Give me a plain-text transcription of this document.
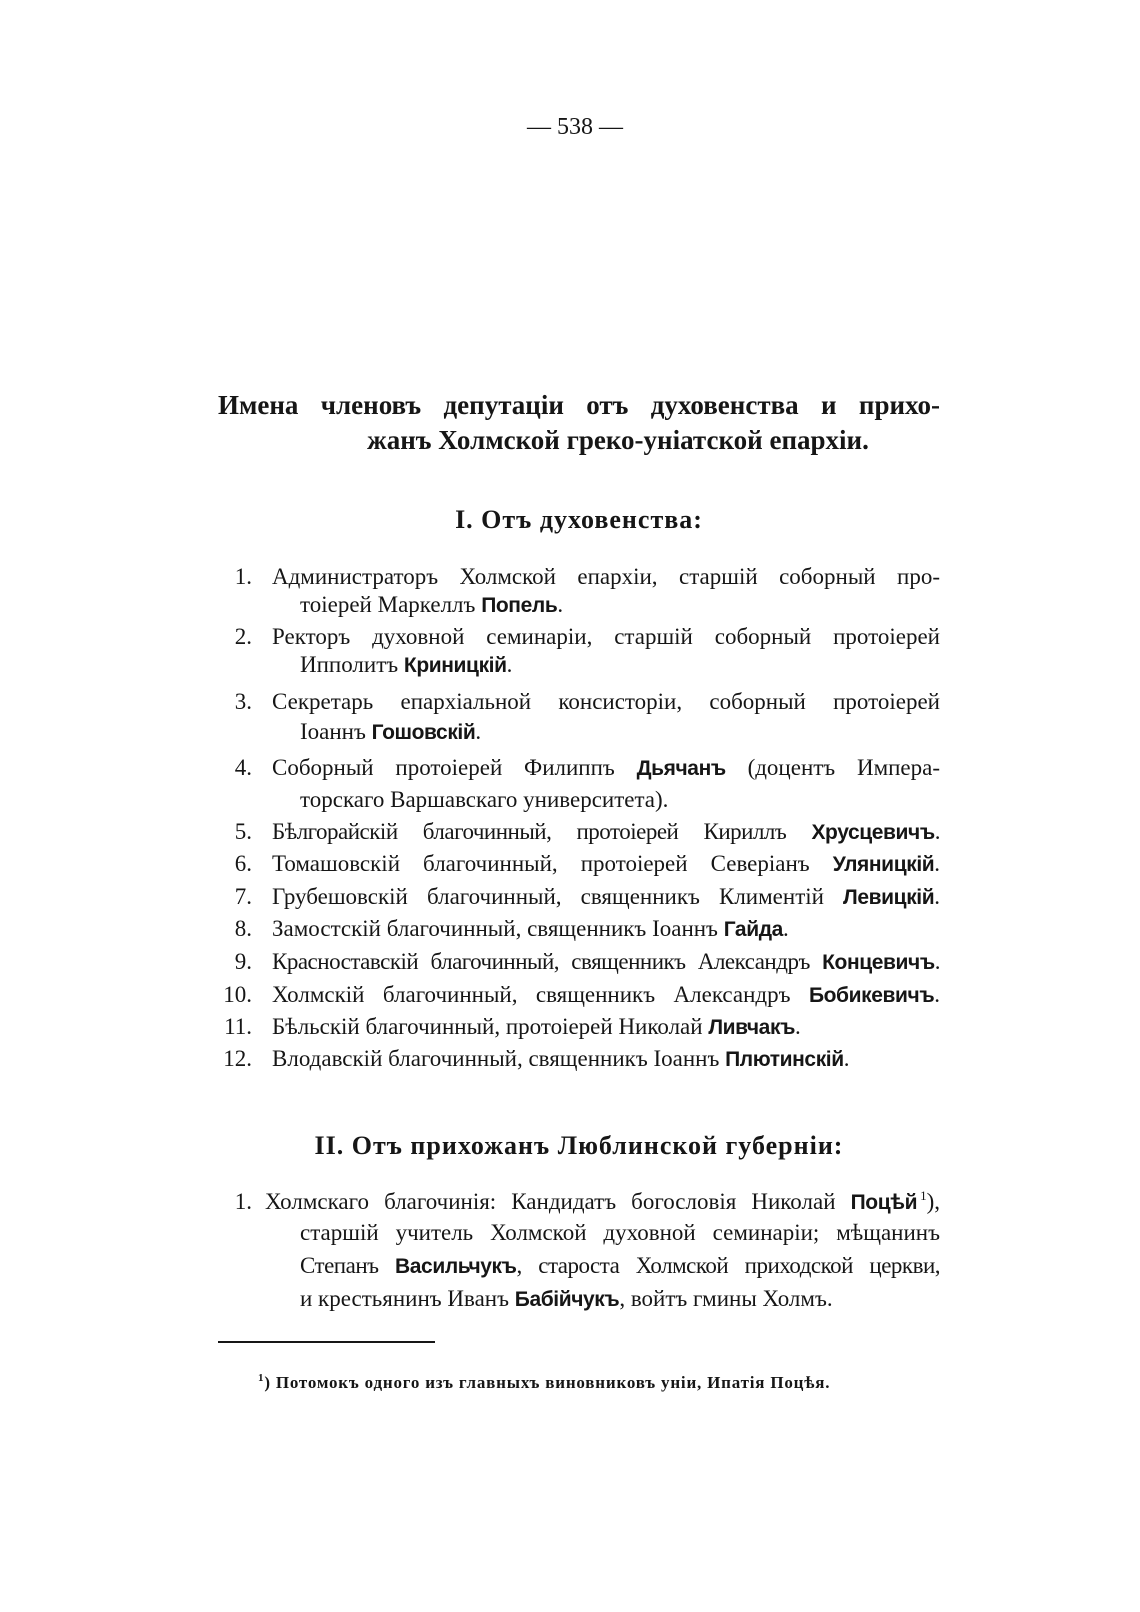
— 538 —
Имена членовъ депутаціи отъ духовенства и прихо-
жанъ Холмской греко-уніатской епархіи.
I. Отъ духовенства:
1. Администраторъ Холмской епархіи, старшій соборный про-
тоіерей Маркеллъ Попель.
2. Ректоръ духовной семинаріи, старшій соборный протоіерей
Ипполитъ Криницкій.
3. Секретарь епархіальной консисторіи, соборный протоіерей
Іоаннъ Гошовскій.
4. Соборный протоіерей Филиппъ Дьячанъ (доцентъ Импера-
торскаго Варшавскаго университета).
5. Бѣлгорайскій благочинный, протоіерей Кириллъ Хрусцевичъ.
6. Томашовскій благочинный, протоіерей Северіанъ Уляницкій.
7. Грубешовскій благочинный, священникъ Климентій Левицкій.
8. Замостскій благочинный, священникъ Іоаннъ Гайда.
9. Красноставскій благочинный, священникъ Александръ Концевичъ.
10. Холмскій благочинный, священникъ Александръ Бобикевичъ.
11. Бѣльскій благочинный, протоіерей Николай Ливчакъ.
12. Влодавскій благочинный, священникъ Іоаннъ Плютинскій.
II. Отъ прихожанъ Люблинской губерніи:
1. Холмскаго благочинія: Кандидатъ богословія Николай Поцѣй $^1$),
старшій учитель Холмской духовной семинаріи; мѣщанинъ
Степанъ Васильчукъ, староста Холмской приходской церкви,
и крестьянинъ Иванъ Бабійчукъ, войтъ гмины Холмъ.
$^1$) Потомокъ одного изъ главныхъ виновниковъ уніи, Ипатія Поцѣя.
